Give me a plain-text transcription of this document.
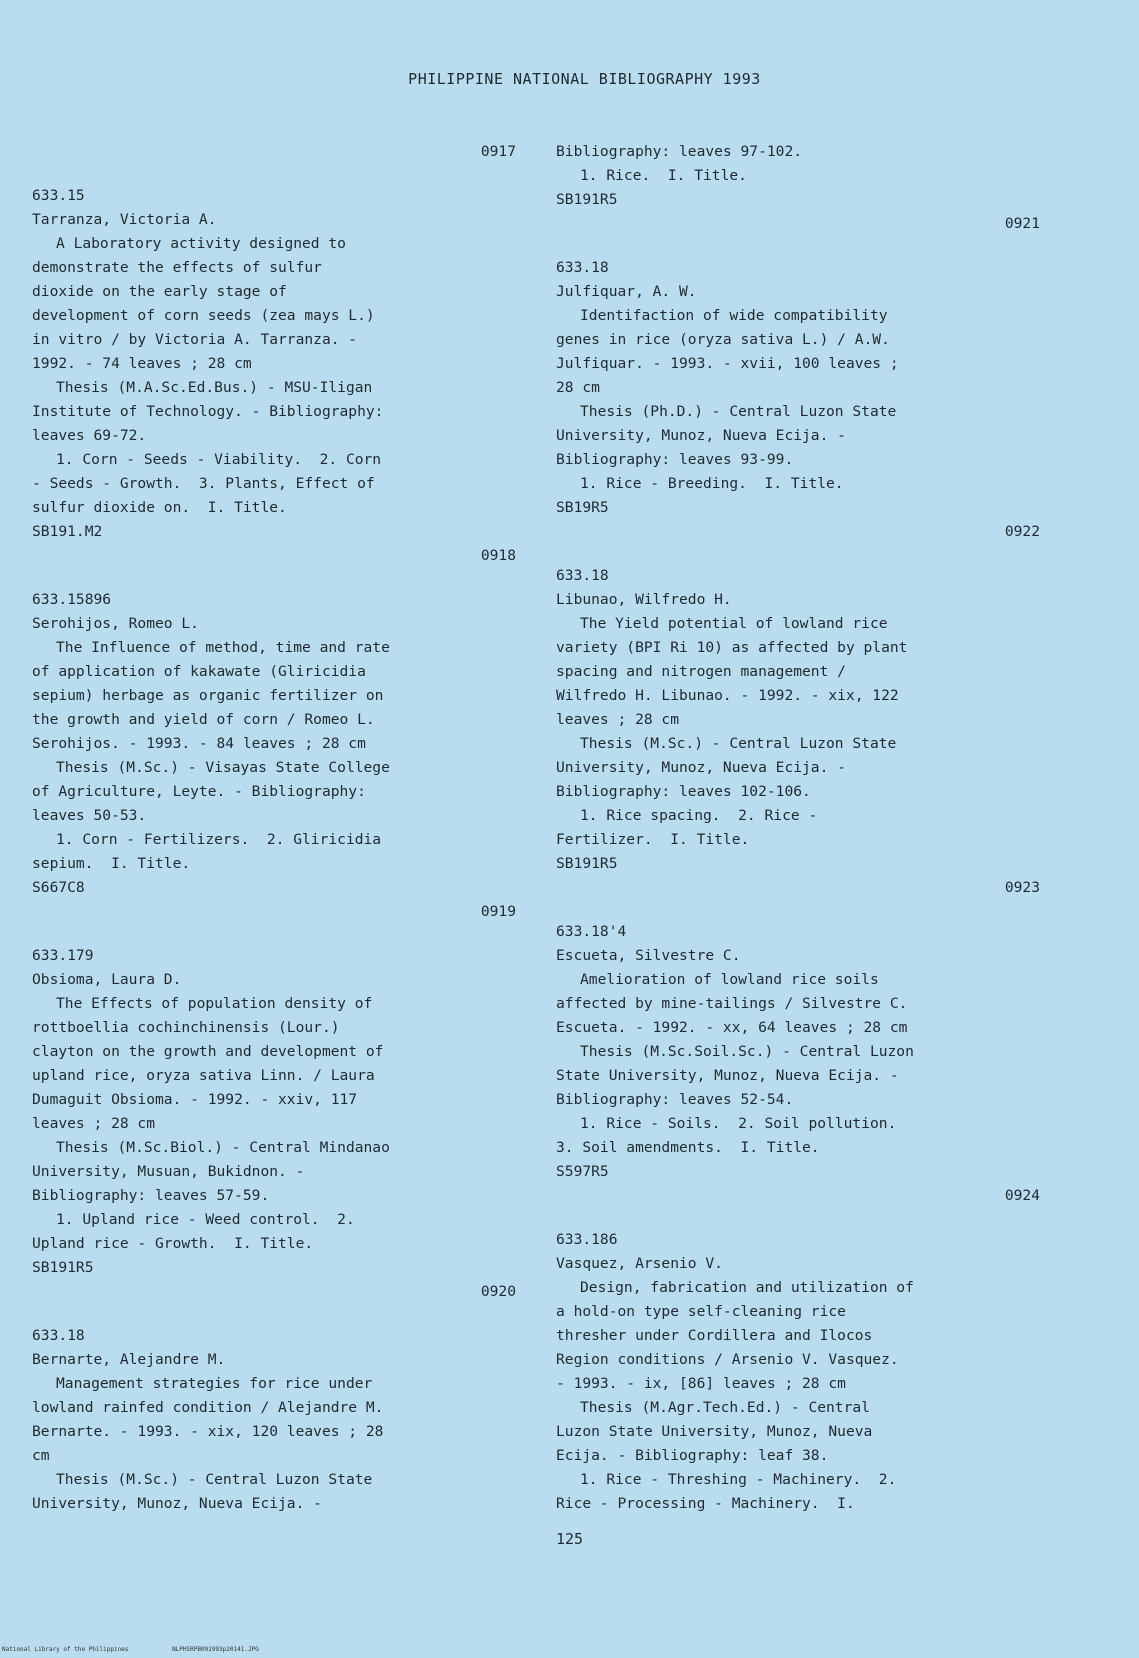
PHILIPPINE NATIONAL BIBLIOGRAPHY 1993
0917
633.15
Tarranza, Victoria A.
A Laboratory activity designed to
demonstrate the effects of sulfur
dioxide on the early stage of
development of corn seeds (zea mays L.)
in vitro / by Victoria A. Tarranza. -
1992. - 74 leaves ; 28 cm
Thesis (M.A.Sc.Ed.Bus.) - MSU-Iligan
Institute of Technology. - Bibliography:
leaves 69-72.
1. Corn - Seeds - Viability.  2. Corn
- Seeds - Growth.  3. Plants, Effect of
sulfur dioxide on.  I. Title.
SB191.M2
0918
633.15896
Serohijos, Romeo L.
The Influence of method, time and rate
of application of kakawate (Gliricidia
sepium) herbage as organic fertilizer on
the growth and yield of corn / Romeo L.
Serohijos. - 1993. - 84 leaves ; 28 cm
Thesis (M.Sc.) - Visayas State College
of Agriculture, Leyte. - Bibliography:
leaves 50-53.
1. Corn - Fertilizers.  2. Gliricidia
sepium.  I. Title.
S667C8
0919
633.179
Obsioma, Laura D.
The Effects of population density of
rottboellia cochinchinensis (Lour.)
clayton on the growth and development of
upland rice, oryza sativa Linn. / Laura
Dumaguit Obsioma. - 1992. - xxiv, 117
leaves ; 28 cm
Thesis (M.Sc.Biol.) - Central Mindanao
University, Musuan, Bukidnon. -
Bibliography: leaves 57-59.
1. Upland rice - Weed control.  2.
Upland rice - Growth.  I. Title.
SB191R5
0920
633.18
Bernarte, Alejandre M.
Management strategies for rice under
lowland rainfed condition / Alejandre M.
Bernarte. - 1993. - xix, 120 leaves ; 28
cm
Thesis (M.Sc.) - Central Luzon State
University, Munoz, Nueva Ecija. -
Bibliography: leaves 97-102.
1. Rice.  I. Title.
SB191R5
0921
633.18
Julfiquar, A. W.
Identifaction of wide compatibility
genes in rice (oryza sativa L.) / A.W.
Julfiquar. - 1993. - xvii, 100 leaves ;
28 cm
Thesis (Ph.D.) - Central Luzon State
University, Munoz, Nueva Ecija. -
Bibliography: leaves 93-99.
1. Rice - Breeding.  I. Title.
SB19R5
0922
633.18
Libunao, Wilfredo H.
The Yield potential of lowland rice
variety (BPI Ri 10) as affected by plant
spacing and nitrogen management /
Wilfredo H. Libunao. - 1992. - xix, 122
leaves ; 28 cm
Thesis (M.Sc.) - Central Luzon State
University, Munoz, Nueva Ecija. -
Bibliography: leaves 102-106.
1. Rice spacing.  2. Rice -
Fertilizer.  I. Title.
SB191R5
0923
633.18'4
Escueta, Silvestre C.
Amelioration of lowland rice soils
affected by mine-tailings / Silvestre C.
Escueta. - 1992. - xx, 64 leaves ; 28 cm
Thesis (M.Sc.Soil.Sc.) - Central Luzon
State University, Munoz, Nueva Ecija. -
Bibliography: leaves 52-54.
1. Rice - Soils.  2. Soil pollution.
3. Soil amendments.  I. Title.
S597R5
0924
633.186
Vasquez, Arsenio V.
Design, fabrication and utilization of
a hold-on type self-cleaning rice
thresher under Cordillera and Ilocos
Region conditions / Arsenio V. Vasquez.
- 1993. - ix, [86] leaves ; 28 cm
Thesis (M.Agr.Tech.Ed.) - Central
Luzon State University, Munoz, Nueva
Ecija. - Bibliography: leaf 38.
1. Rice - Threshing - Machinery.  2.
Rice - Processing - Machinery.  I.
125
National Library of the Philippines	NLPHSRPB091993p20141.JPG
